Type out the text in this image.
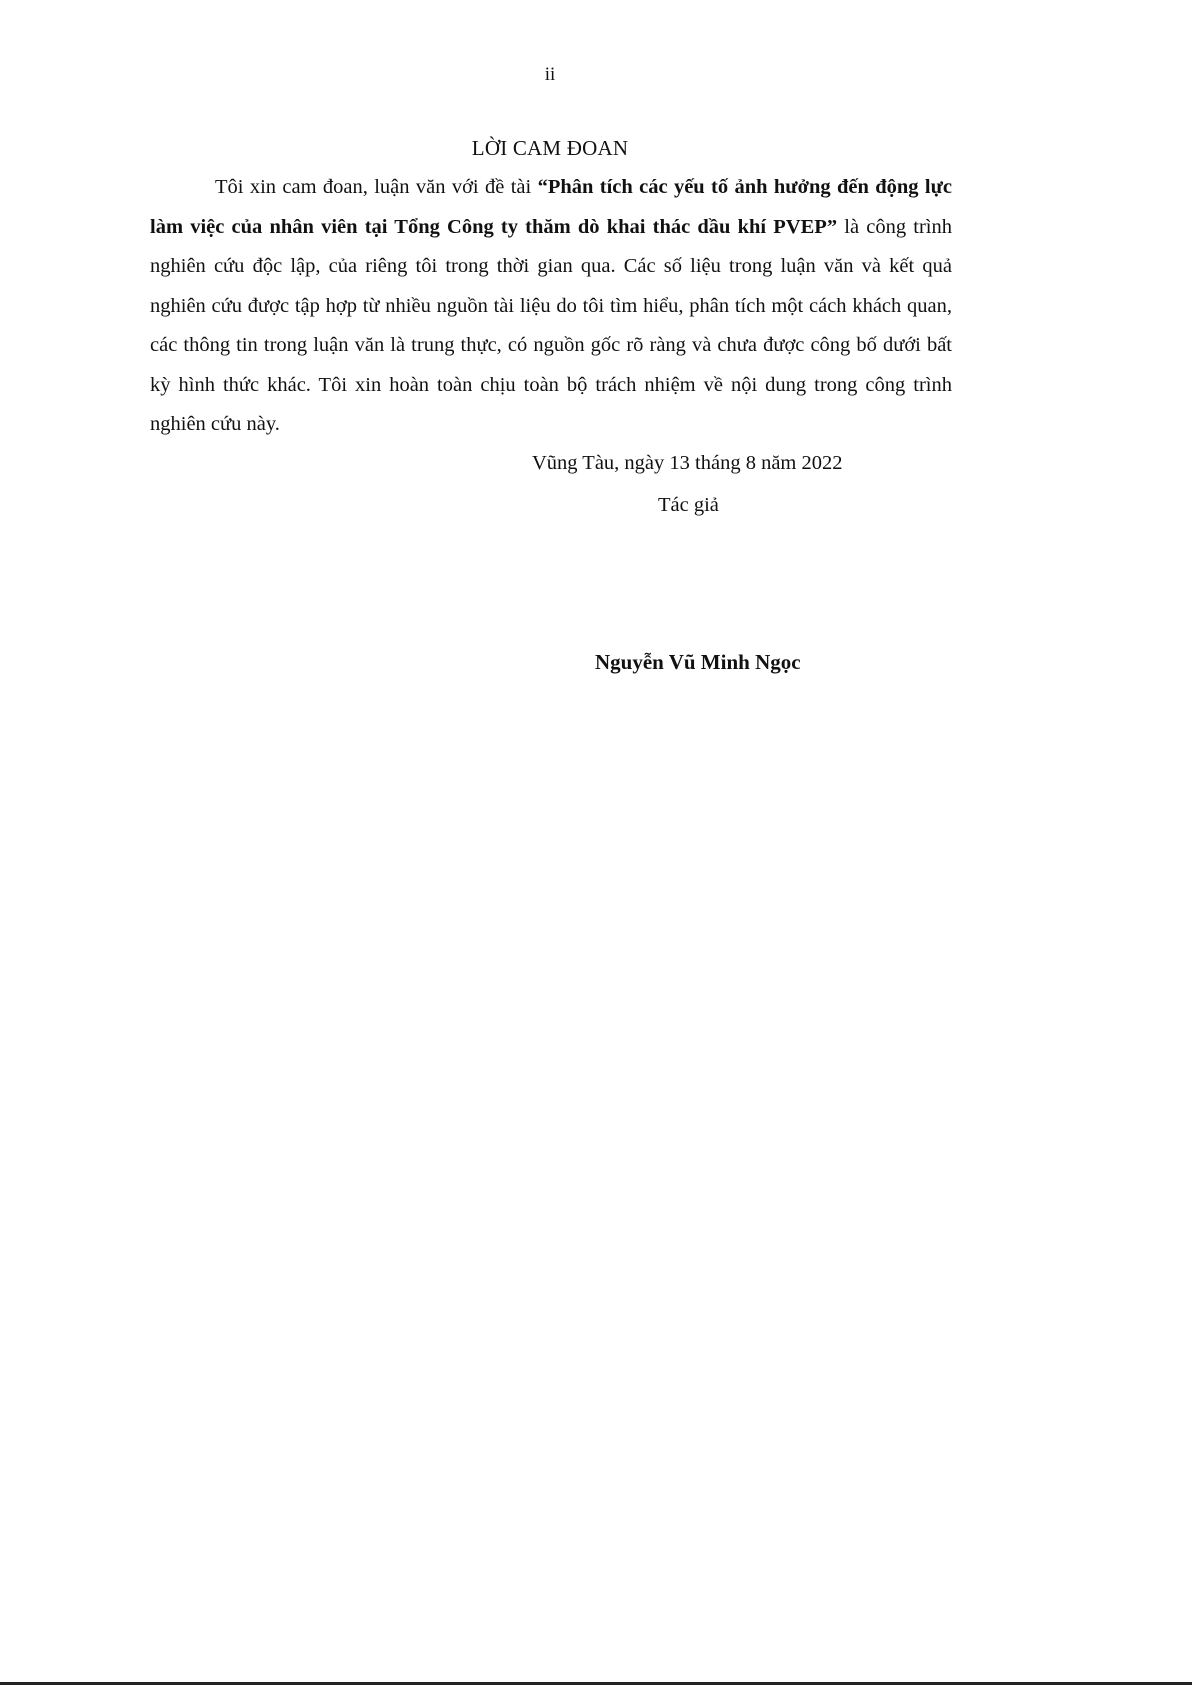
ii
LỜI CAM ĐOAN

Tôi xin cam đoan, luận văn với đề tài “Phân tích các yếu tố ảnh hưởng đến động lực làm việc của nhân viên tại Tổng Công ty thăm dò khai thác dầu khí PVEP” là công trình nghiên cứu độc lập, của riêng tôi trong thời gian qua. Các số liệu trong luận văn và kết quả nghiên cứu được tập hợp từ nhiều nguồn tài liệu do tôi tìm hiểu, phân tích một cách khách quan, các thông tin trong luận văn là trung thực, có nguồn gốc rõ ràng và chưa được công bố dưới bất kỳ hình thức khác. Tôi xin hoàn toàn chịu toàn bộ trách nhiệm về nội dung trong công trình nghiên cứu này.

Vũng Tàu, ngày 13 tháng 8 năm 2022
Tác giả
Nguyễn Vũ Minh Ngọc
